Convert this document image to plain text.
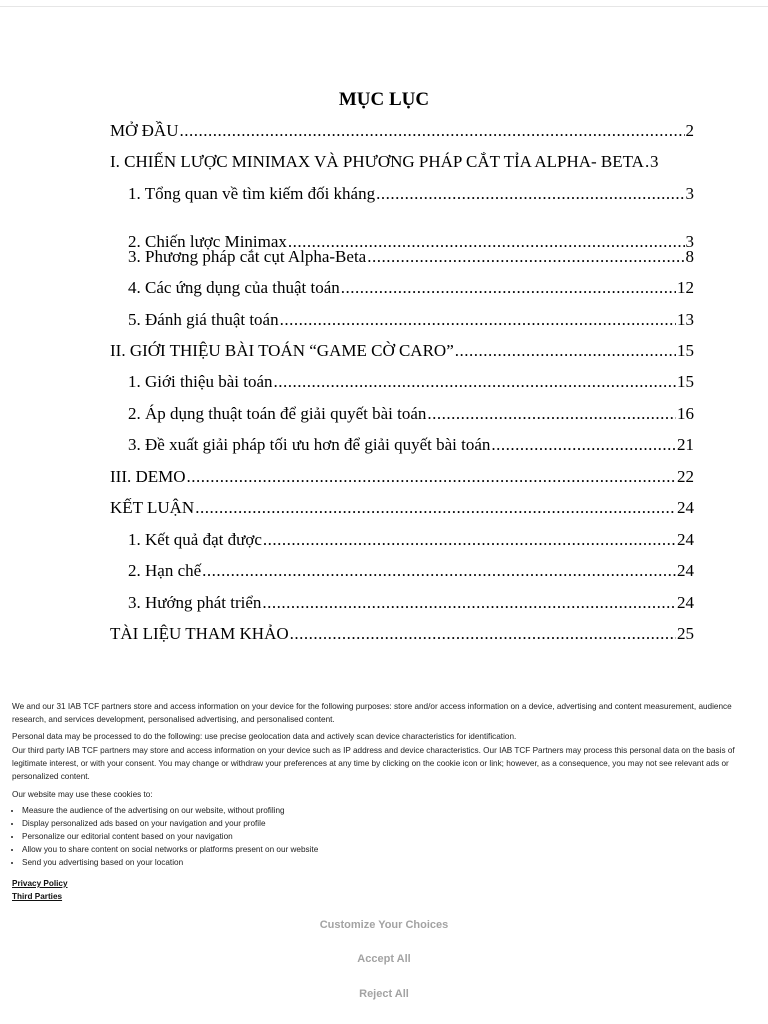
MỤC LỤC
MỞ ĐẦU .....	2
I. CHIẾN LƯỢC MINIMAX VÀ PHƯƠNG PHÁP CẮT TỈA ALPHA- BETA ..... 3
1. Tổng quan về tìm kiếm đối kháng .....	3
2. Chiến lược Minimax .....	3
3. Phương pháp cắt cụt Alpha-Beta .....	8
4. Các ứng dụng của thuật toán .....	12
5. Đánh giá thuật toán .....	13
II. GIỚI THIỆU BÀI TOÁN “GAME CỜ CARO” .....	15
1. Giới thiệu bài toán .....	15
2. Áp dụng thuật toán để giải quyết bài toán .....	16
3. Đề xuất giải pháp tối ưu hơn để giải quyết bài toán .....	21
III. DEMO .....	22
KẾT LUẬN .....	24
1. Kết quả đạt được .....	24
2. Hạn chế .....	24
3. Hướng phát triển .....	24
TÀI LIỆU THAM KHẢO .....	25

We and our 31 IAB TCF partners store and access information on your device for the following purposes: store and/or access information on a device, advertising and content measurement, audience research, and services development, personalised advertising, and personalised content.

Personal data may be processed to do the following: use precise geolocation data and actively scan device characteristics for identification.

Our third party IAB TCF partners may store and access information on your device such as IP address and device characteristics. Our IAB TCF Partners may process this personal data on the basis of legitimate interest, or with your consent. You may change or withdraw your preferences at any time by clicking on the cookie icon or link; however, as a consequence, you may not see relevant ads or personalized content.

Our website may use these cookies to:

• Measure the audience of the advertising on our website, without profiling
• Display personalized ads based on your navigation and your profile
• Personalize our editorial content based on your navigation
• Allow you to share content on social networks or platforms present on our website
• Send you advertising based on your location
Privacy Policy
Third Parties
Customize Your Choices
Accept All
Reject All
